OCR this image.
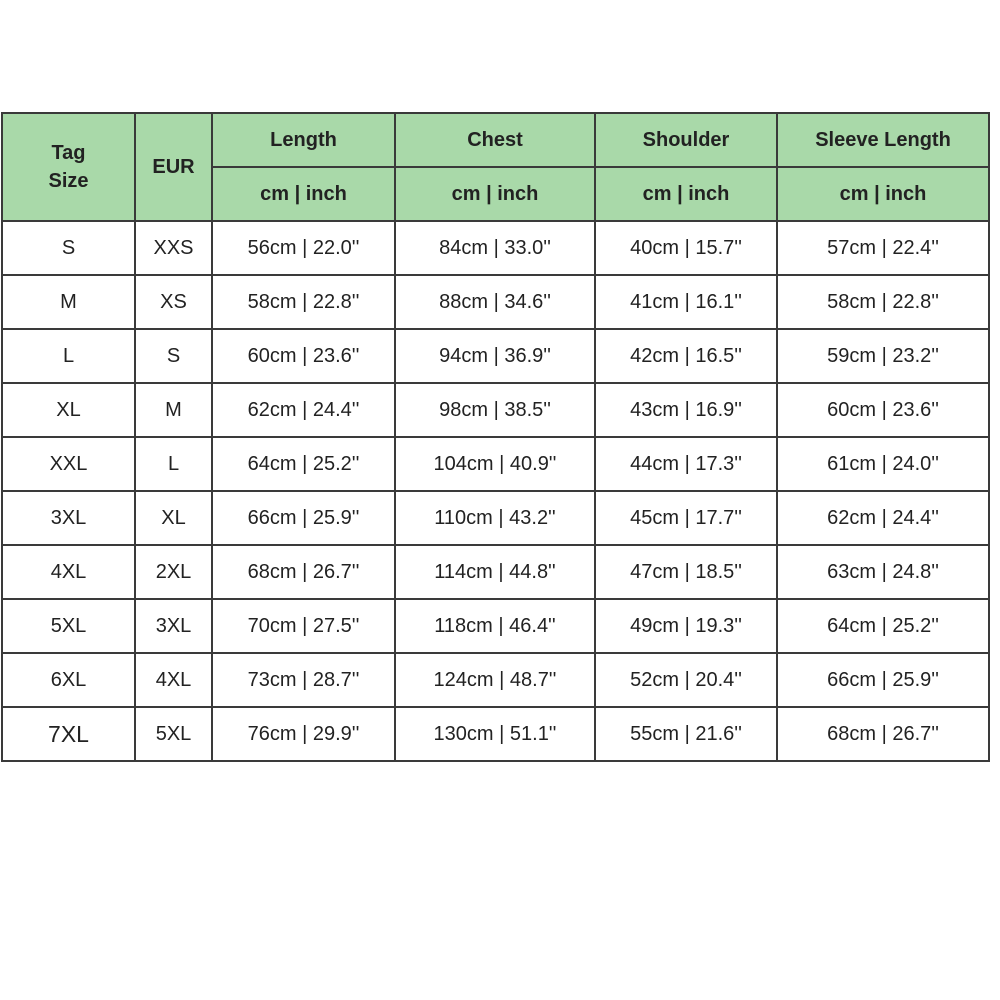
Tag
Size	EUR	Length	Chest	Shoulder	Sleeve Length
		cm | inch	cm | inch	cm | inch	cm | inch
S	XXS	56cm | 22.0''	84cm | 33.0''	40cm | 15.7''	57cm | 22.4''
M	XS	58cm | 22.8''	88cm | 34.6''	41cm | 16.1''	58cm | 22.8''
L	S	60cm | 23.6''	94cm | 36.9''	42cm | 16.5''	59cm | 23.2''
XL	M	62cm | 24.4''	98cm | 38.5''	43cm | 16.9''	60cm | 23.6''
XXL	L	64cm | 25.2''	104cm | 40.9''	44cm | 17.3''	61cm | 24.0''
3XL	XL	66cm | 25.9''	110cm | 43.2''	45cm | 17.7''	62cm | 24.4''
4XL	2XL	68cm | 26.7''	114cm | 44.8''	47cm | 18.5''	63cm | 24.8''
5XL	3XL	70cm | 27.5''	118cm | 46.4''	49cm | 19.3''	64cm | 25.2''
6XL	4XL	73cm | 28.7''	124cm | 48.7''	52cm | 20.4''	66cm | 25.9''
7XL	5XL	76cm | 29.9''	130cm | 51.1''	55cm | 21.6''	68cm | 26.7''
